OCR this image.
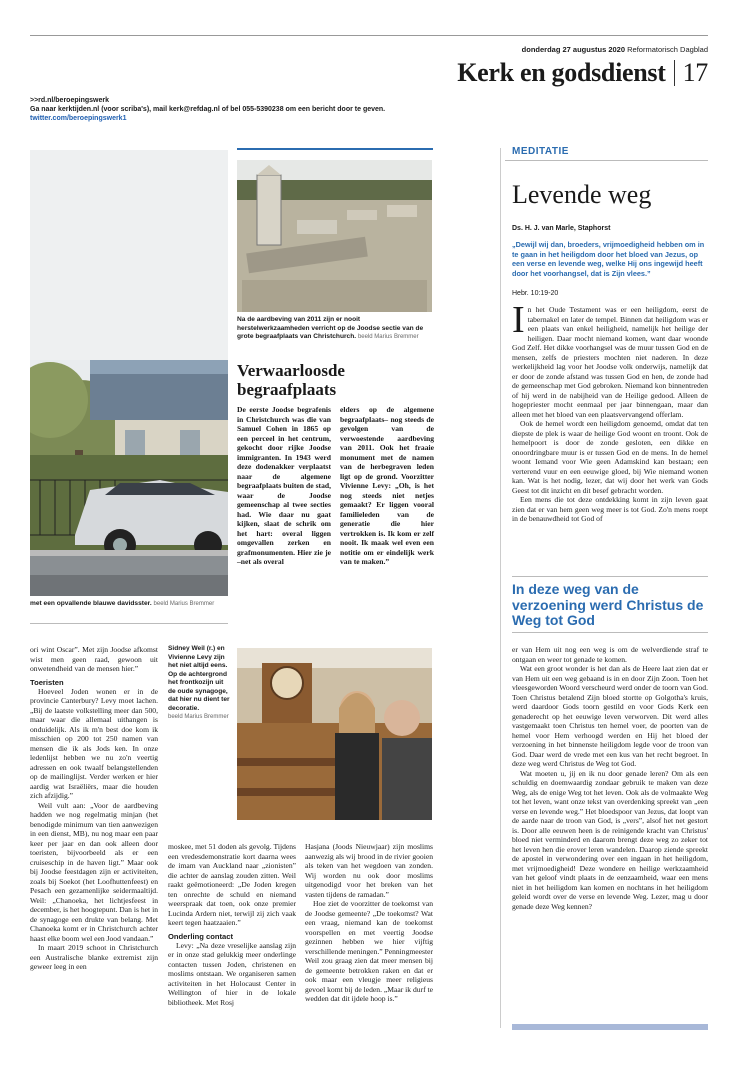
donderdag 27 augustus 2020 Reformatorisch Dagblad
Kerk en godsdienst 17
>>rd.nl/beroepingswerk
Ga naar kerktijden.nl (voor scriba's), mail kerk@refdag.nl of bel 055-5390238 om een bericht door te geven.
twitter.com/beroepingswerk1
met een opvallende blauwe davidsster. beeld Marius Bremmer
Na de aardbeving van 2011 zijn er nooit herstelwerkzaamheden verricht op de Joodse sectie van de grote begraafplaats van Christchurch. beeld Marius Bremmer
Verwaarloosde begraafplaats

De eerste Joodse begrafenis in Christchurch was die van Samuel Cohen in 1865 op een perceel in het centrum, gekocht door rijke Joodse immigranten. In 1943 werd deze dodenakker verplaatst naar de algemene begraafplaats buiten de stad, waar de Joodse gemeenschap al twee secties had. Wie daar nu gaat kijken, slaat de schrik om het hart: overal liggen omgevallen zerken en grafmonumenten. Hier zie je –net als overal

elders op de algemene begraafplaats– nog steeds de gevolgen van de verwoestende aardbeving van 2011. Ook het fraaie monument met de namen van de herbegraven leden ligt op de grond. Voorzitter Vivienne Levy: „Oh, is het nog steeds niet netjes gemaakt? Er liggen vooral familieleden van de generatie die hier vertrokken is. Ik kom er zelf nooit. Ik maak wel even een notitie om er eindelijk werk van te maken.”

ori wint Oscar”. Met zijn Joodse afkomst wist men geen raad, gewoon uit onwetendheid van de mensen hier.”

Toeristen

Hoeveel Joden wonen er in de provincie Canterbury? Levy moet lachen. „Bij de laatste volkstelling meer dan 500, maar waar die allemaal uithangen is onduidelijk. Als ik m'n best doe kom ik misschien op 200 tot 250 namen van mensen die ik als Jods ken. In onze ledenlijst hebben we nu zo'n veertig adressen en ook twaalf belangstellenden op de mailinglijst. Verder werken er hier aardig wat Israëliërs, maar die houden zich afzijdig.”

Weil vult aan: „Voor de aardbeving hadden we nog regelmatig minjan (het benodigde minimum van tien aanwezigen in een dienst, MB), nu nog maar een paar keer per jaar en dan ook alleen door toeristen, bijvoorbeeld als er een cruiseschip in de haven ligt.” Maar ook bij Joodse feestdagen zijn er activiteiten, zoals bij Soekot (het Loofhuttenfeest) en Pesach een gezamenlijke seidermaaltijd. Weil: „Chanoeka, het lichtjesfeest in december, is het hoogtepunt. Dan is het in de synagoge een drukte van belang. Met Chanoeka komt er in Christchurch achter haast elke boom wel een Jood vandaan.”

In maart 2019 schoot in Christchurch een Australische blanke extremist zijn geweer leeg in een

Sidney Weil (r.) en Vivienne Levy zijn het niet altijd eens. Op de achtergrond het frontkozijn uit de oude synagoge, dat hier nu dient ter decoratie.
beeld Marius Bremmer

moskee, met 51 doden als gevolg. Tijdens een vredesdemonstratie kort daarna wees de imam van Auckland naar „zionisten” die achter de aanslag zouden zitten. Weil raakt geëmotioneerd: „De Joden kregen ten onrechte de schuld en niemand weerspraak dat toen, ook onze premier Lucinda Ardern niet, terwijl zij zich vaak keert tegen haatzaaien.”

Onderling contact

Levy: „Na deze vreselijke aanslag zijn er in onze stad gelukkig meer onderlinge contacten tussen Joden, christenen en moslims ontstaan. We organiseren samen activiteiten in het Holocaust Center in Wellington of hier in de lokale bibliotheek. Met Rosj

Hasjana (Joods Nieuwjaar) zijn moslims aanwezig als wij brood in de rivier gooien als teken van het wegdoen van zonden. Wij worden nu ook door moslims uitgenodigd voor het breken van het vasten tijdens de ramadan.”

Hoe ziet de voorzitter de toekomst van de Joodse gemeente? „De toekomst? Wat een vraag, niemand kan de toekomst voorspellen en met veertig Joodse gezinnen hebben we hier vijftig verschillende meningen.” Penningmeester Weil zou graag zien dat meer mensen bij de gemeente betrokken raken en dat er ook maar een vleugje meer religieus gevoel komt bij de leden. „Maar ik durf te wedden dat dit ijdele hoop is.”

MEDITATIE
Levende weg
Ds. H. J. van Marle, Staphorst
„Dewijl wij dan, broeders, vrijmoedigheid hebben om in te gaan in het heiligdom door het bloed van Jezus, op een verse en levende weg, welke Hij ons ingewijd heeft door het voorhangsel, dat is Zijn vlees.”
Hebr. 10:19-20

I n het Oude Testament was er een heiligdom, eerst de tabernakel en later de tempel. Binnen dat heiligdom was er een plaats van enkel heiligheid, namelijk het heilige der heiligen. Daar mocht niemand komen, want daar woonde God Zelf. Het dikke voorhangsel was de muur tussen God en de mensen, zelfs de priesters mochten niet naderen. In deze werkelijkheid lag voor het Joodse volk onderwijs, namelijk dat er door de zonde afstand was tussen God en hen, de zonde had de gemeenschap met God gebroken. Niemand kon binnentreden of hij werd in de nabijheid van de Heilige gedood. Alleen de hogepriester mocht eenmaal per jaar binnengaan, maar dan alleen met het bloed van een plaatsvervangend offerlam.

Ook de hemel wordt een heiligdom genoemd, omdat dat ten diepste de plek is waar de heilige God woont en troont. Ook de hemelpoort is door de zonde gesloten, een dikke en onoordringbare muur is er tussen God en de mens. In de hemel woont Iemand voor Wie geen Adamskind kan bestaan; een verterend vuur en een eeuwige gloed, bij Wie niemand wonen kan. Wat is het nodig, lezer, dat wij door het werk van Gods Geest tot dit inzicht en dit besef gebracht worden.

Een mens die tot deze ontdekking komt in zijn leven gaat zien dat er van hem geen weg meer is tot God. Zo'n mens roept in de benauwdheid tot God of

In deze weg van de verzoening werd Christus de Weg tot God

er van Hem uit nog een weg is om de welverdiende straf te ontgaan en weer tot genade te komen.

Wat een groot wonder is het dan als de Heere laat zien dat er van Hem uit een weg gebaand is in en door Zijn Zoon. Toen het vleesgeworden Woord verscheurd werd onder de toorn van God. Toen Christus betalend Zijn bloed stortte op Golgotha's kruis, werd daardoor Gods toorn gestild en voor Gods Kerk een genaderecht op het eeuwige leven verworven. Dit werd alles vastgemaakt toen Christus ten hemel voer, de poorten van de hemel voor Hem verhoogd werden en Hij het bloed der verzoening in het binnenste heiligdom legde voor de troon van God. Daar werd de vrede met een kus van het recht begroet. In deze weg werd Christus de Weg tot God.

Wat moeten u, jij en ik nu door genade leren? Om als een schuldig en doemwaardig zondaar gebruik te maken van deze Weg, als de enige Weg tot het leven. Ook als de volmaakte Weg tot het leven, want onze tekst van overdenking spreekt van „een verse en levende weg.” Het bloedspoor van Jezus, dat loopt van de aarde naar de troon van God, is „vers”, alsof het net gestort is. Door alle eeuwen heen is de reinigende kracht van Christus' bloed niet verminderd en daarom brengt deze weg zo zeker tot het leven hen die erover leren wandelen. Daarop ziende spreekt de apostel in verwondering over een ingaan in het heiligdom, met vrijmoedigheid! Deze wondere en heilige werkzaamheid van het geloof vindt plaats in de eenzaamheid, waar een mens niet in het heiligdom kan komen en nochtans in het heiligdom geleid wordt over de verse en levende Weg. Lezer, mag u door genade deze Weg kennen?
